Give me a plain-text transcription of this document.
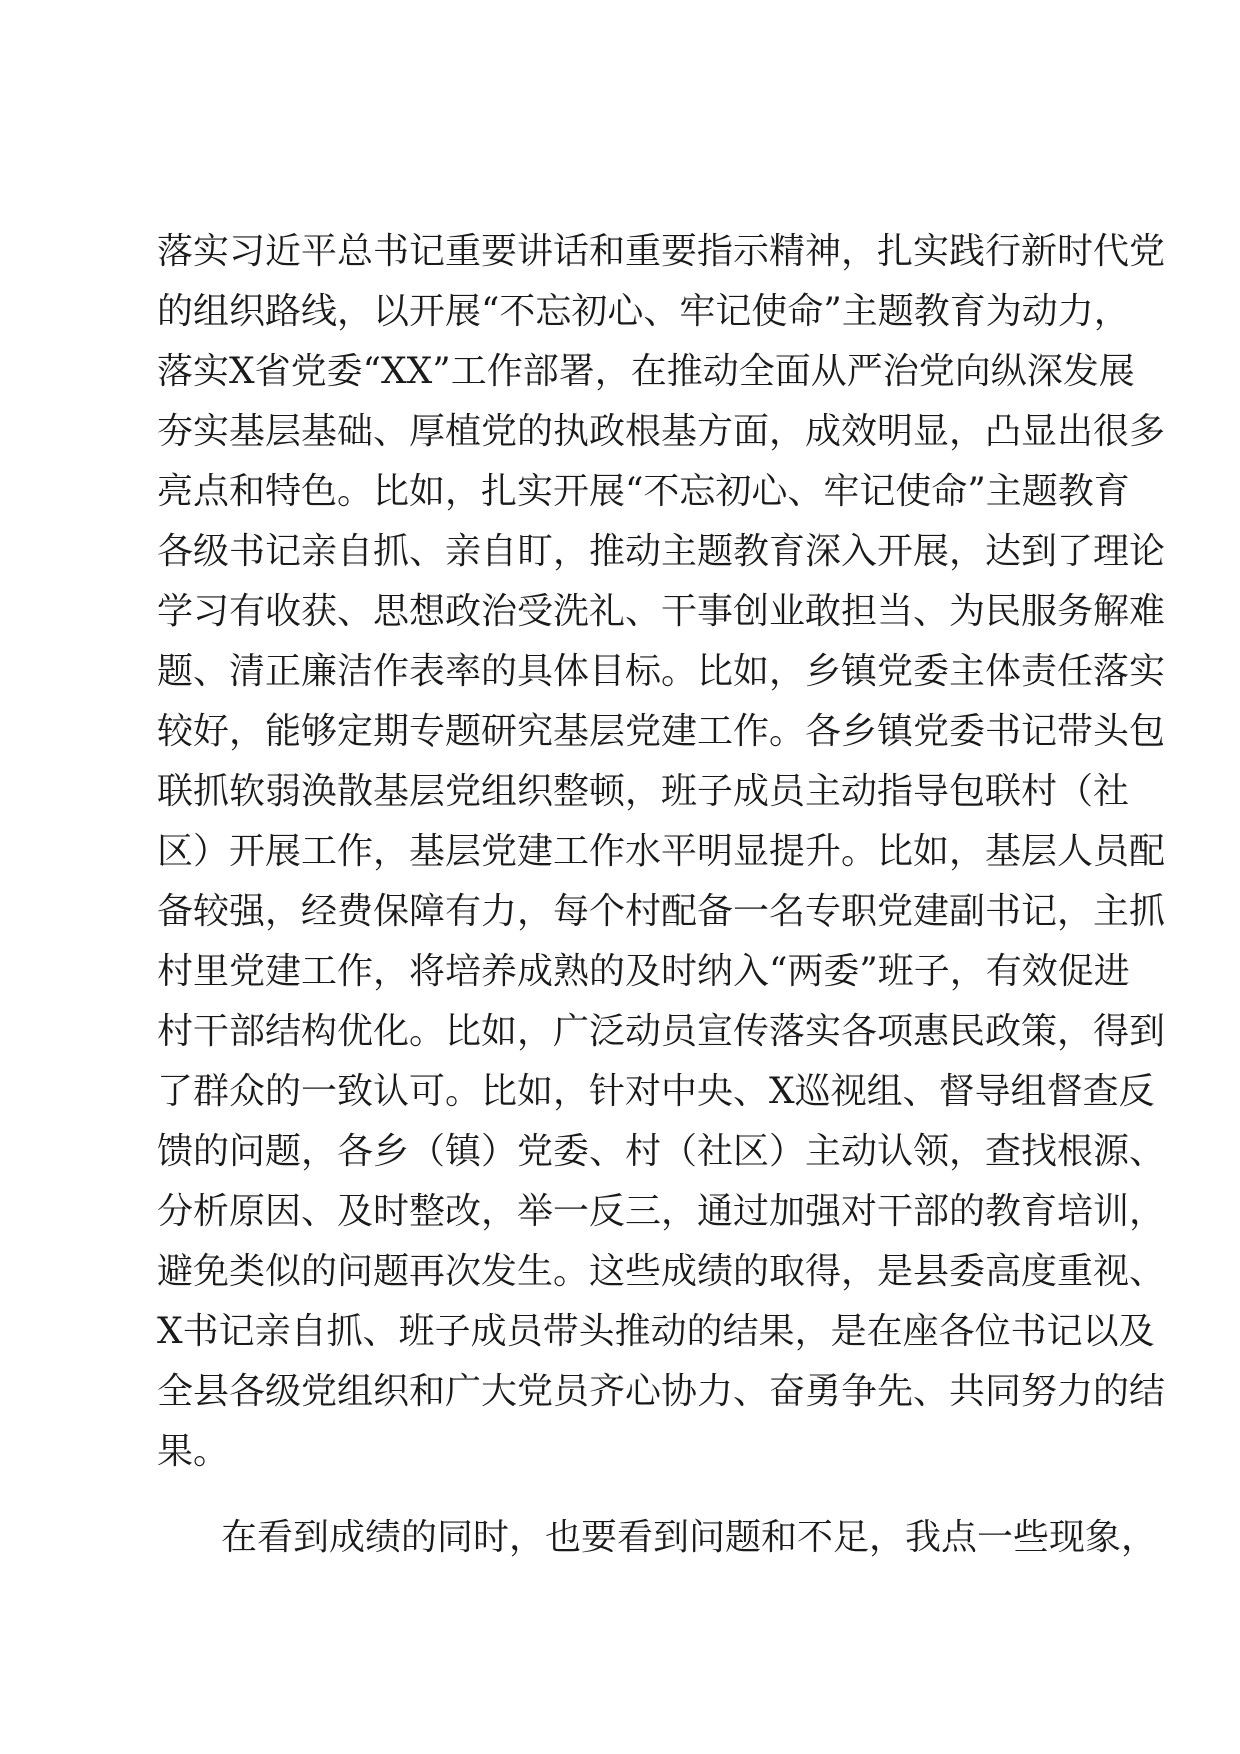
落实习近平总书记重要讲话和重要指示精神，扎实践行新时代党
的组织路线，以开展“不忘初心、牢记使命”主题教育为动力，
落实X省党委“XX”工作部署，在推动全面从严治党向纵深发展
夯实基层基础、厚植党的执政根基方面，成效明显，凸显出很多
亮点和特色。比如，扎实开展“不忘初心、牢记使命”主题教育
各级书记亲自抓、亲自盯，推动主题教育深入开展，达到了理论
学习有收获、思想政治受洗礼、干事创业敢担当、为民服务解难
题、清正廉洁作表率的具体目标。比如，乡镇党委主体责任落实
较好，能够定期专题研究基层党建工作。各乡镇党委书记带头包
联抓软弱涣散基层党组织整顿，班子成员主动指导包联村（社
区）开展工作，基层党建工作水平明显提升。比如，基层人员配
备较强，经费保障有力，每个村配备一名专职党建副书记，主抓
村里党建工作，将培养成熟的及时纳入“两委”班子，有效促进
村干部结构优化。比如，广泛动员宣传落实各项惠民政策，得到
了群众的一致认可。比如，针对中央、X巡视组、督导组督查反
馈的问题，各乡（镇）党委、村（社区）主动认领，查找根源、
分析原因、及时整改，举一反三，通过加强对干部的教育培训，
避免类似的问题再次发生。这些成绩的取得，是县委高度重视、
X书记亲自抓、班子成员带头推动的结果，是在座各位书记以及
全县各级党组织和广大党员齐心协力、奋勇争先、共同努力的结
果。
在看到成绩的同时，也要看到问题和不足，我点一些现象，
